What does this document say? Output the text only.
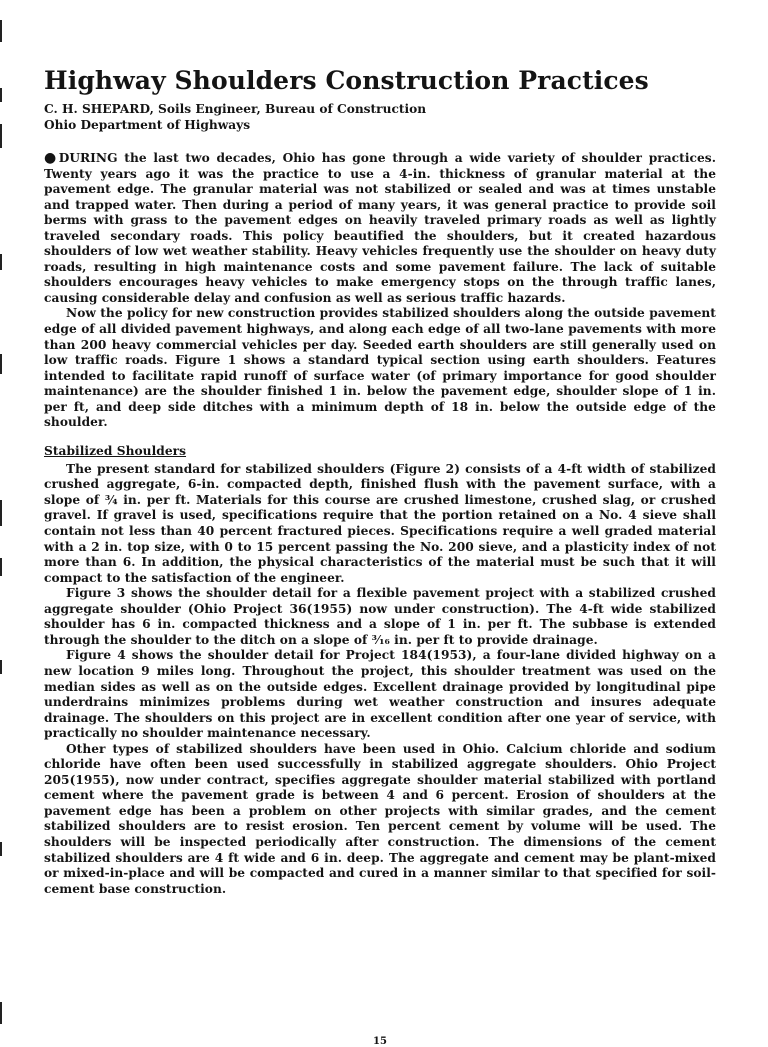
Highway Shoulders Construction Practices
C. H. SHEPARD, Soils Engineer, Bureau of Construction
Ohio Department of Highways

●DURING the last two decades, Ohio has gone through a wide variety of shoulder practices. Twenty years ago it was the practice to use a 4-in. thickness of granular material at the pavement edge. The granular material was not stabilized or sealed and was at times unstable and trapped water. Then during a period of many years, it was general practice to provide soil berms with grass to the pavement edges on heavily traveled primary roads as well as lightly traveled secondary roads. This policy beautified the shoulders, but it created hazardous shoulders of low wet weather stability. Heavy vehicles frequently use the shoulder on heavy duty roads, resulting in high maintenance costs and some pavement failure. The lack of suitable shoulders encourages heavy vehicles to make emergency stops on the through traffic lanes, causing considerable delay and confusion as well as serious traffic hazards.

Now the policy for new construction provides stabilized shoulders along the outside pavement edge of all divided pavement highways, and along each edge of all two-lane pavements with more than 200 heavy commercial vehicles per day. Seeded earth shoulders are still generally used on low traffic roads. Figure 1 shows a standard typical section using earth shoulders. Features intended to facilitate rapid runoff of surface water (of primary importance for good shoulder maintenance) are the shoulder finished 1 in. below the pavement edge, shoulder slope of 1 in. per ft, and deep side ditches with a minimum depth of 18 in. below the outside edge of the shoulder.

Stabilized Shoulders

The present standard for stabilized shoulders (Figure 2) consists of a 4-ft width of stabilized crushed aggregate, 6-in. compacted depth, finished flush with the pavement surface, with a slope of ¾ in. per ft. Materials for this course are crushed limestone, crushed slag, or crushed gravel. If gravel is used, specifications require that the portion retained on a No. 4 sieve shall contain not less than 40 percent fractured pieces. Specifications require a well graded material with a 2 in. top size, with 0 to 15 percent passing the No. 200 sieve, and a plasticity index of not more than 6. In addition, the physical characteristics of the material must be such that it will compact to the satisfaction of the engineer.

Figure 3 shows the shoulder detail for a flexible pavement project with a stabilized crushed aggregate shoulder (Ohio Project 36(1955) now under construction). The 4-ft wide stabilized shoulder has 6 in. compacted thickness and a slope of 1 in. per ft. The subbase is extended through the shoulder to the ditch on a slope of ³⁄₁₆ in. per ft to provide drainage.

Figure 4 shows the shoulder detail for Project 184(1953), a four-lane divided highway on a new location 9 miles long. Throughout the project, this shoulder treatment was used on the median sides as well as on the outside edges. Excellent drainage provided by longitudinal pipe underdrains minimizes problems during wet weather construction and insures adequate drainage. The shoulders on this project are in excellent condition after one year of service, with practically no shoulder maintenance necessary.

Other types of stabilized shoulders have been used in Ohio. Calcium chloride and sodium chloride have often been used successfully in stabilized aggregate shoulders. Ohio Project 205(1955), now under contract, specifies aggregate shoulder material stabilized with portland cement where the pavement grade is between 4 and 6 percent. Erosion of shoulders at the pavement edge has been a problem on other projects with similar grades, and the cement stabilized shoulders are to resist erosion. Ten percent cement by volume will be used. The shoulders will be inspected periodically after construction. The dimensions of the cement stabilized shoulders are 4 ft wide and 6 in. deep. The aggregate and cement may be plant-mixed or mixed-in-place and will be compacted and cured in a manner similar to that specified for soil-cement base construction.

15
